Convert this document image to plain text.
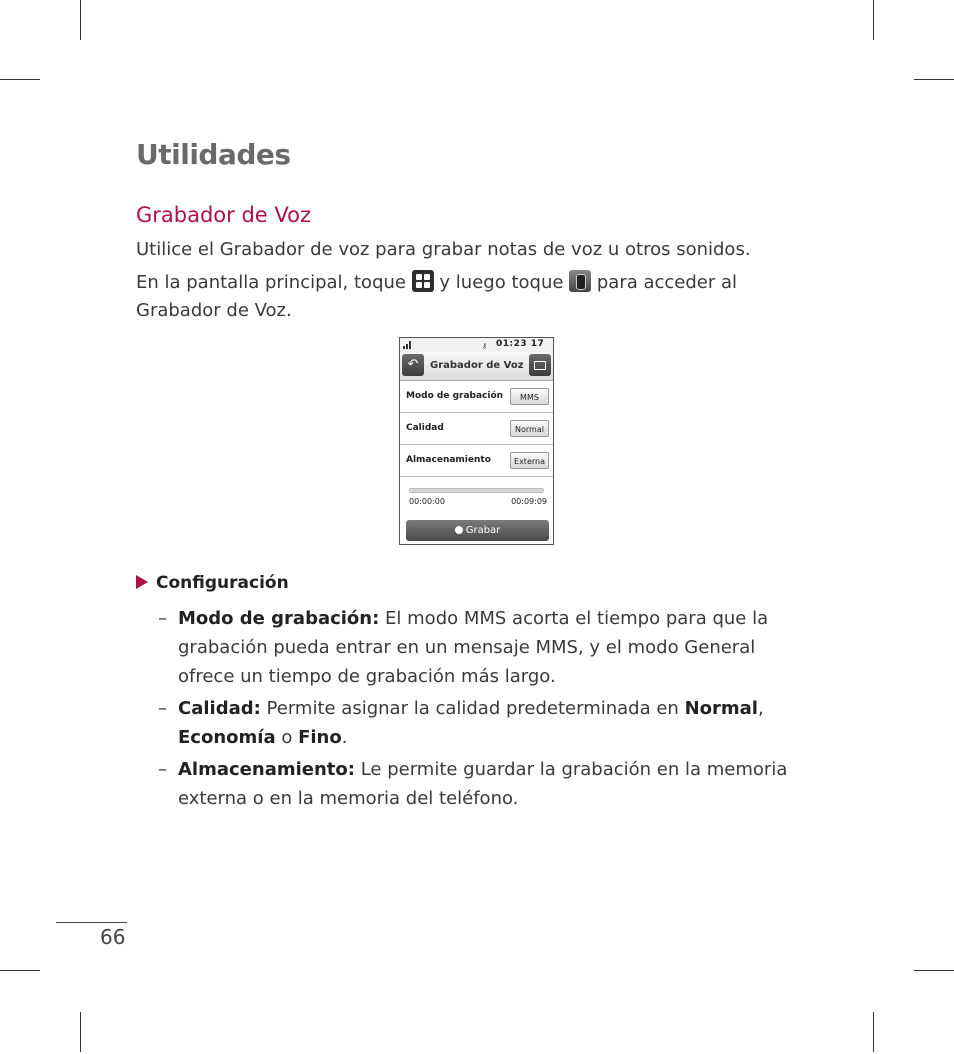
Utilidades
Grabador de Voz

Utilice el Grabador de voz para grabar notas de voz u otros sonidos.

En la pantalla principal, toque
y luego toque
para acceder al Grabador de Voz.

⚷ 01:23 17
↶	Grabador de Voz
Modo de grabación	MMS
Calidad	Normal
Almacenamiento	Externa
00:00:00	00:09:09
Grabar
Configuración

– Modo de grabación: El modo MMS acorta el tiempo para que la grabación pueda entrar en un mensaje MMS, y el modo General ofrece un tiempo de grabación más largo.

– Calidad: Permite asignar la calidad predeterminada en Normal, Economía o Fino.

– Almacenamiento: Le permite guardar la grabación en la memoria externa o en la memoria del teléfono.

66
